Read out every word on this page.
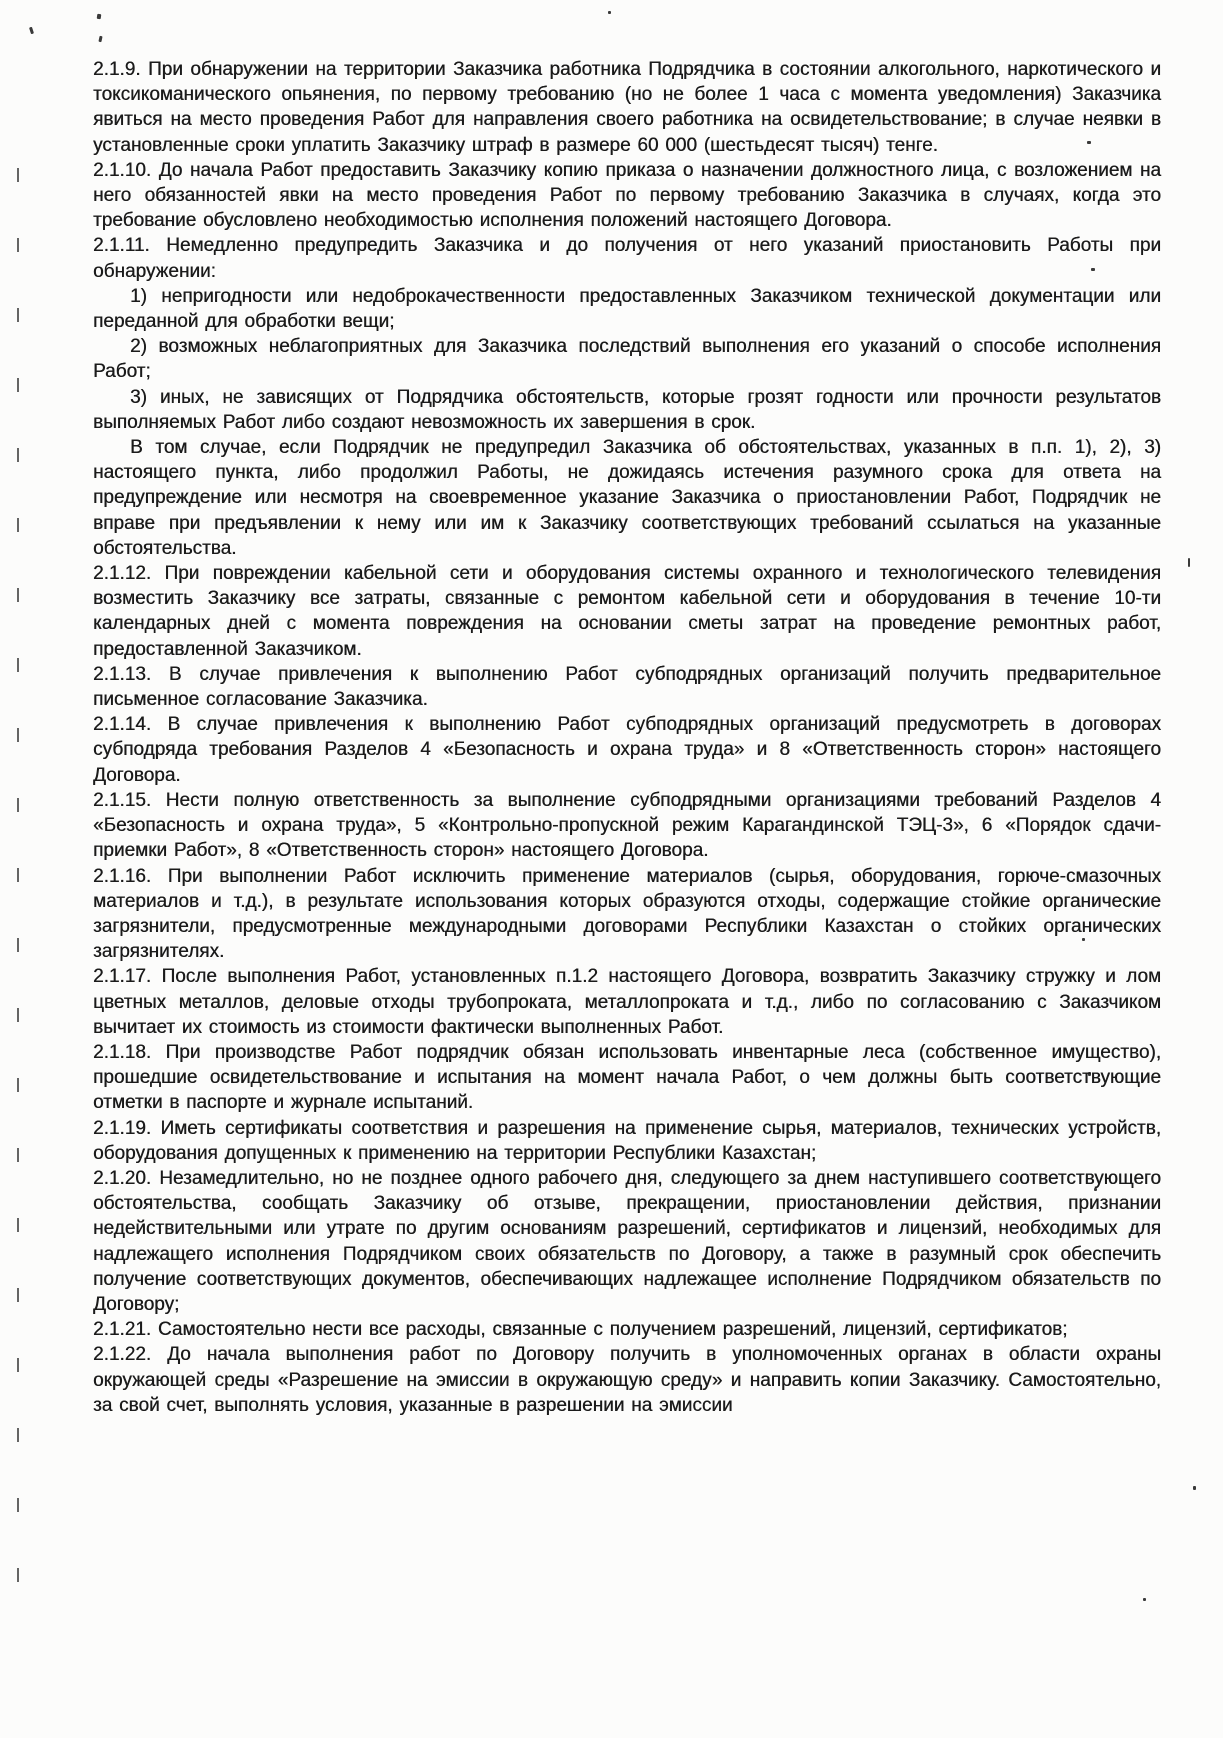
2.1.9. При обнаружении на территории Заказчика работника Подрядчика в состоянии алкогольного, наркотического и токсикоманического опьянения, по первому требованию (но не более 1 часа с момента уведомления) Заказчика явиться на место проведения Работ для направления своего работника на освидетельствование; в случае неявки в установленные сроки уплатить Заказчику штраф в размере 60 000 (шестьдесят тысяч) тенге.

2.1.10. До начала Работ предоставить Заказчику копию приказа о назначении должностного лица, с возложением на него обязанностей явки на место проведения Работ по первому требованию Заказчика в случаях, когда это требование обусловлено необходимостью исполнения положений настоящего Договора.

2.1.11. Немедленно предупредить Заказчика и до получения от него указаний приостановить Работы при обнаружении:

1) непригодности или недоброкачественности предоставленных Заказчиком технической документации или переданной для обработки вещи;

2) возможных неблагоприятных для Заказчика последствий выполнения его указаний о способе исполнения Работ;

3) иных, не зависящих от Подрядчика обстоятельств, которые грозят годности или прочности результатов выполняемых Работ либо создают невозможность их завершения в срок.

В том случае, если Подрядчик не предупредил Заказчика об обстоятельствах, указанных в п.п. 1), 2), 3) настоящего пункта, либо продолжил Работы, не дожидаясь истечения разумного срока для ответа на предупреждение или несмотря на своевременное указание Заказчика о приостановлении Работ, Подрядчик не вправе при предъявлении к нему или им к Заказчику соответствующих требований ссылаться на указанные обстоятельства.

2.1.12. При повреждении кабельной сети и оборудования системы охранного и технологического телевидения возместить Заказчику все затраты, связанные с ремонтом кабельной сети и оборудования в течение 10-ти календарных дней с момента повреждения на основании сметы затрат на проведение ремонтных работ, предоставленной Заказчиком.

2.1.13. В случае привлечения к выполнению Работ субподрядных организаций получить предварительное письменное согласование Заказчика.

2.1.14. В случае привлечения к выполнению Работ субподрядных организаций предусмотреть в договорах субподряда требования Разделов 4 «Безопасность и охрана труда» и 8 «Ответственность сторон» настоящего Договора.

2.1.15. Нести полную ответственность за выполнение субподрядными организациями требований Разделов 4 «Безопасность и охрана труда», 5 «Контрольно-пропускной режим Карагандинской ТЭЦ-3», 6 «Порядок сдачи-приемки Работ», 8 «Ответственность сторон» настоящего Договора.

2.1.16. При выполнении Работ исключить применение материалов (сырья, оборудования, горюче-смазочных материалов и т.д.), в результате использования которых образуются отходы, содержащие стойкие органические загрязнители, предусмотренные международными договорами Республики Казахстан о стойких органических загрязнителях.

2.1.17. После выполнения Работ, установленных п.1.2 настоящего Договора, возвратить Заказчику стружку и лом цветных металлов, деловые отходы трубопроката, металлопроката и т.д., либо по согласованию с Заказчиком вычитает их стоимость из стоимости фактически выполненных Работ.

2.1.18. При производстве Работ подрядчик обязан использовать инвентарные леса (собственное имущество), прошедшие освидетельствование и испытания на момент начала Работ, о чем должны быть соответствующие отметки в паспорте и журнале испытаний.

2.1.19. Иметь сертификаты соответствия и разрешения на применение сырья, материалов, технических устройств, оборудования допущенных к применению на территории Республики Казахстан;

2.1.20. Незамедлительно, но не позднее одного рабочего дня, следующего за днем наступившего соответствующего обстоятельства, сообщать Заказчику об отзыве, прекращении, приостановлении действия, признании недействительными или утрате по другим основаниям разрешений, сертификатов и лицензий, необходимых для надлежащего исполнения Подрядчиком своих обязательств по Договору, а также в разумный срок обеспечить получение соответствующих документов, обеспечивающих надлежащее исполнение Подрядчиком обязательств по Договору;

2.1.21. Самостоятельно нести все расходы, связанные с получением разрешений, лицензий, сертификатов;

2.1.22. До начала выполнения работ по Договору получить в уполномоченных органах в области охраны окружающей среды «Разрешение на эмиссии в окружающую среду» и направить копии Заказчику. Самостоятельно, за свой счет, выполнять условия, указанные в разрешении на эмиссии
